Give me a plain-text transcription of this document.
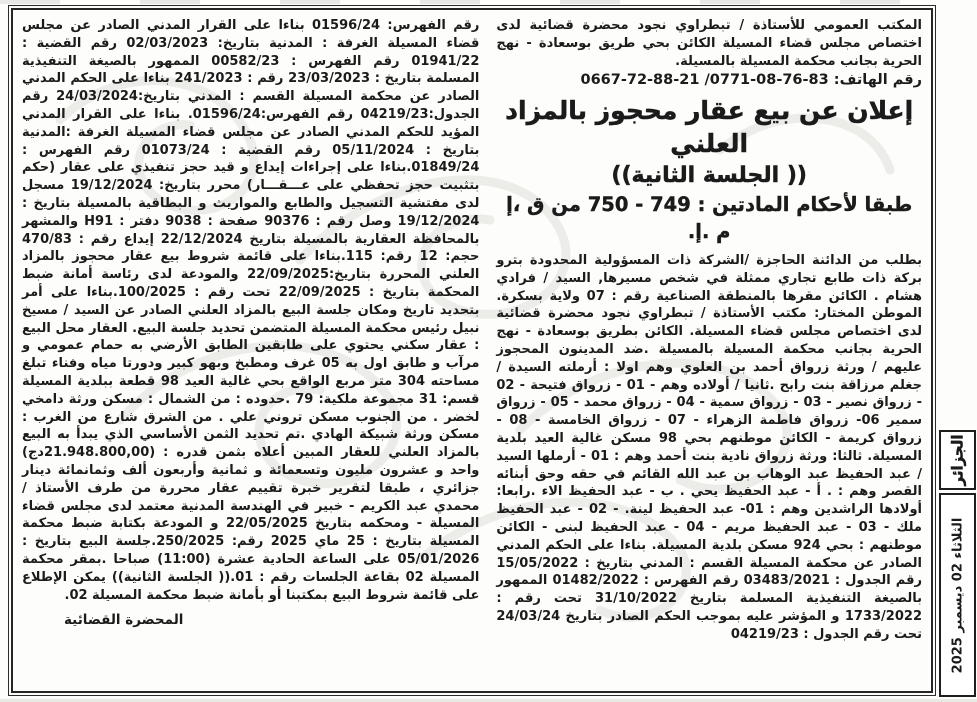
المكتب العمومي للأستاذة / تبطراوي نجود محضرة قضائية لدى اختصاص مجلس قضاء المسيلة الكائن بحي طريق بوسعادة - نهج الحرية بجانب محكمة المسيلة بالمسيلة.

رقم الهاتف: 0667-72-88-21 /0771-08-76-83

إعلان عن بيع عقار محجوز بالمزاد العلني
(( الجلسة الثانية))
طبقا لأحكام المادتين : 749 - 750 من ق ،إ م .إ.

بطلب من الدائنة الحاجزة /الشركة ذات المسؤولية المحدودة بترو بركة ذات طابع تجاري ممثلة في شخص مسيرها, السيد / فرادي هشام . الكائن مقرها بالمنطقة الصناعية رقم : 07 ولاية بسكرة. الموطن المختار: مكتب الأستاذة / تبطراوي نجود محضرة قضائية لدى اختصاص مجلس قضاء المسيلة. الكائن بطريق بوسعادة - نهج الحرية بجانب محكمة المسيلة بالمسيلة .ضد المدينون المحجوز عليهم / ورثة زرواق أحمد بن العلوي وهم اولا : أرملته السيدة / جغلم مرزاقة بنت رابح .ثانيا / أولاده وهم - 01 - زرواق فتيحة - 02 - زرواق نصير - 03 - زرواق سمية - 04 - زرواق محمد - 05 - زرواق سمير 06- زرواق فاطمة الزهراء - 07 - زرواق الخامسة - 08 - زرواق كريمة - الكائن موطنهم بحي 98 مسكن غالية العيد بلدية المسيلة. ثالثا: ورثة زرواق نادية بنت أحمد وهم : 01 - أرملها السيد / عبد الحفيظ عبد الوهاب بن عبد الله القائم في حقه وحق أبنائه القصر وهم : . أ - عبد الحفيظ يحي . ب - عبد الحفيظ الاء .رابعا: أولادها الراشدين وهم : 01- عبد الحفيظ لينة. - 02 - عبد الحفيظ ملك - 03 - عبد الحفيظ مريم - 04 - عبد الحفيظ لبنى - الكائن موطنهم : بحي 924 مسكن بلدية المسيلة. بناءا على الحكم المدني الصادر عن محكمة المسيلة القسم : المدني بتاريخ : 15/05/2022 رقم الجدول : 03483/2021 رقم الفهرس : 01482/2022 الممهور بالصيغة التنفيذية المسلمة بتاريخ 31/10/2022 تحت رقم : 1733/2022 و المؤشر عليه بموجب الحكم الصادر بتاريخ 24/03/24 تحت رقم الجدول : 04219/23

رقم الفهرس: 01596/24 بناءا على القرار المدني الصادر عن مجلس قضاء المسيلة الغرفة : المدنية بتاريخ: 02/03/2023 رقم القضية : 01941/22 رقم الفهرس : 00582/23 الممهور بالصيغة التنفيذية المسلمة بتاريخ : 23/03/2023 رقم : 241/2023 بناءا على الحكم المدني الصادر عن محكمة المسيلة القسم : المدني بتاريخ:24/03/2024 رقم الجدول:04219/23 رقم الفهرس:01596/24. بناءا على القرار المدني المؤيد للحكم المدني الصادر عن مجلس قضاء المسيلة الغرفة :المدنية بتاريخ : 05/11/2024 رقم القضية : 01073/24 رقم الفهرس : 01849/24.بناءا على إجراءات إيداع و قيد حجز تنفيذي على عقار (حكم بتثبيت حجز تحفظي على عـــقـــار) محرر بتاريخ: 19/12/2024 مسجل لدى مفتشية التسجيل والطابع والمواريث و البطاقية بالمسيلة بتاريخ : 19/12/2024 وصل رقم : 90376 صفحة : 9038 دفتر : H91 والمشهر بالمحافظة العقارية بالمسيلة بتاريخ 22/12/2024 إيداع رقم : 470/83 حجم: 12 رقم: 115.بناءا على قائمة شروط بيع عقار محجوز بالمزاد العلني المحررة بتاريخ:22/09/2025 والمودعة لدى رئاسة أمانة ضبط المحكمة بتاريخ : 22/09/2025 تحت رقم : 100/2025.بناءا على أمر بتحديد تاريخ ومكان جلسة البيع بالمزاد العلني الصادر عن السيد / مسيخ نبيل رئيس محكمة المسيلة المتضمن تحديد جلسة البيع. العقار محل البيع : عقار سكني يحتوي على طابقين الطابق الأرضي به حمام عمومي و مرآب و طابق اول به 05 غرف ومطبخ وبهو كبير ودورتا مياه وفناء تبلغ مساحته 304 متر مربع الواقع بحي غالية العيد 98 قطعة ببلدية المسيلة قسم: 31 مجموعة ملكية: 79 .حدوده : من الشمال : مسكن ورثة دامخي لخضر . من الجنوب مسكن تروني علي . من الشرق شارع من الغرب : مسكن ورثة شبيكة الهادي .تم تحديد الثمن الأساسي الذي يبدأ به البيع بالمزاد العلني للعقار المبين أعلاه بثمن قدره : (21.948.800,00دج) واحد و عشرون مليون وتسعمائة و ثمانية وأربعون ألف وثمانمائة دينار جزائري ، طبقا لتقرير خبرة تقييم عقار محررة من طرف الأستاذ / محمدي عبد الكريم - خبير في الهندسة المدنية معتمد لدى مجلس قضاء المسيلة - ومحكمه بتاريخ 22/05/2025 و المودعة بكتابة ضبط محكمة المسيلة بتاريخ : 25 ماي 2025 رقم: 250/2025.جلسة البيع بتاريخ : 05/01/2026 على الساعة الحادية عشرة (11:00) صباحا .بمقر محكمة المسيلة 02 بقاعة الجلسات رقم : 01.(( الجلسة الثانية)) يمكن الإطلاع على قائمة شروط البيع بمكتبنا أو بأمانة ضبط محكمة المسيلة 02.

المحضرة القضائية

الجزائر
الثلاثاء 02 ديسمبر 2025
